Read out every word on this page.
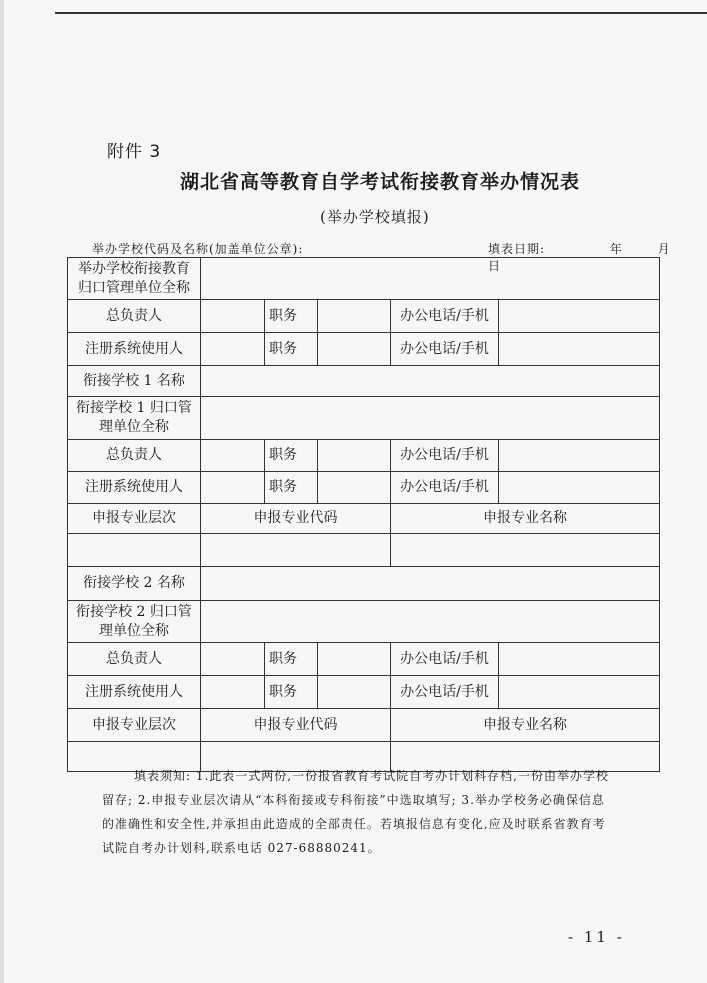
附件 3
湖北省高等教育自学考试衔接教育举办情况表
(举办学校填报)
举办学校代码及名称(加盖单位公章):	填表日期:	年	月 日
举办学校衔接教育归口管理单位全称					
总负责人		职务		办公电话/手机	
注册系统使用人		职务		办公电话/手机	
衔接学校 1 名称					
衔接学校 1 归口管理单位全称					
总负责人		职务		办公电话/手机	
注册系统使用人		职务		办公电话/手机	
申报专业层次	申报专业代码			申报专业名称	

衔接学校 2 名称					
衔接学校 2 归口管理单位全称					
总负责人		职务		办公电话/手机	
注册系统使用人		职务		办公电话/手机	
申报专业层次	申报专业代码			申报专业名称	

填表须知: 1.此表一式两份,一份报省教育考试院自考办计划科存档,一份由举办学校留存; 2.申报专业层次请从“本科衔接或专科衔接”中选取填写; 3.举办学校务必确保信息的准确性和安全性,并承担由此造成的全部责任。若填报信息有变化,应及时联系省教育考试院自考办计划科,联系电话 027-68880241。
- 11 -
